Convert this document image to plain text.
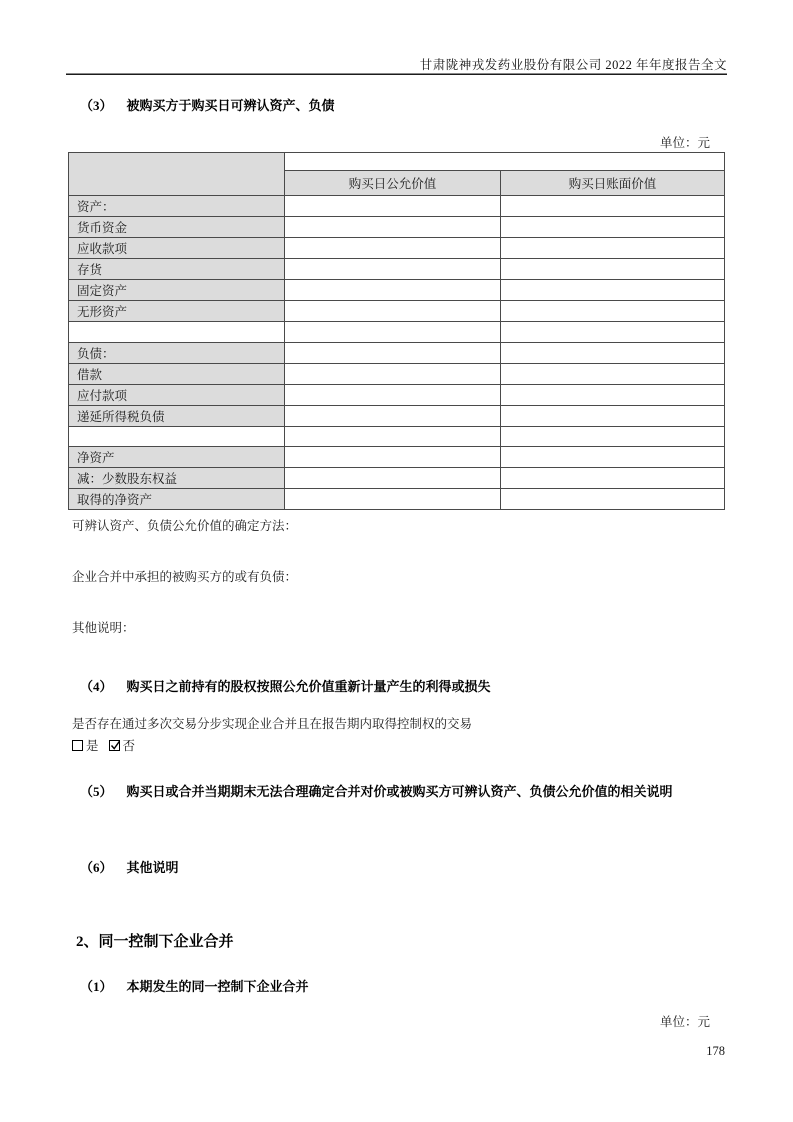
甘肃陇神戎发药业股份有限公司 2022 年年度报告全文
（3） 被购买方于购买日可辨认资产、负债
单位：元

	购买日公允价值	购买日账面价值
资产：		
货币资金		
应收款项		
存货		
固定资产		
无形资产		

负债：		
借款		
应付款项		
递延所得税负债		

净资产		
减：少数股东权益		
取得的净资产		
可辨认资产、负债公允价值的确定方法：
企业合并中承担的被购买方的或有负债：
其他说明：
（4） 购买日之前持有的股权按照公允价值重新计量产生的利得或损失
是否存在通过多次交易分步实现企业合并且在报告期内取得控制权的交易
是 否
（5） 购买日或合并当期期末无法合理确定合并对价或被购买方可辨认资产、负债公允价值的相关说明
（6） 其他说明
2、同一控制下企业合并
（1） 本期发生的同一控制下企业合并
单位：元
178
